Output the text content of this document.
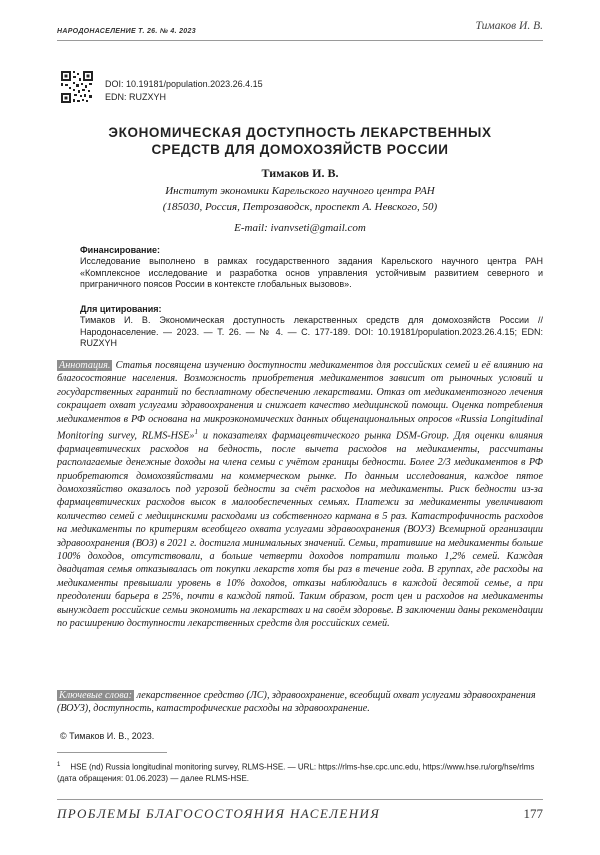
НАРОДОНАСЕЛЕНИЕ Т. 26. № 4. 2023	Тимаков И. В.
DOI: 10.19181/population.2023.26.4.15
EDN: RUZXYH
ЭКОНОМИЧЕСКАЯ ДОСТУПНОСТЬ ЛЕКАРСТВЕННЫХ
СРЕДСТВ ДЛЯ ДОМОХОЗЯЙСТВ РОССИИ
Тимаков И. В.
Институт экономики Карельского научного центра РАН
(185030, Россия, Петрозаводск, проспект А. Невского, 50)
E-mail: ivanvseti@gmail.com
Финансирование:
Исследование выполнено в рамках государственного задания Карельского научного центра РАН «Комплексное исследование и разработка основ управления устойчивым развитием северного и приграничного поясов России в контексте глобальных вызовов».
Для цитирования:
Тимаков И. В. Экономическая доступность лекарственных средств для домохозяйств России // Народонаселение. — 2023. — Т. 26. — № 4. — С. 177-189. DOI: 10.19181/population.2023.26.4.15; EDN: RUZXYH
Аннотация. Статья посвящена изучению доступности медикаментов для российских семей и её влиянию на благосостояние населения. Возможность приобретения медикаментов зависит от рыночных условий и государственных гарантий по бесплатному обеспечению лекарствами. Отказ от медикаментозного лечения сокращает охват услугами здравоохранения и снижает качество медицинской помощи. Оценка потребления медикаментов в РФ основана на микроэкономических данных общенациональных опросов «Russia Longitudinal Monitoring survey, RLMS-HSE»1 и показателях фармацевтического рынка DSM-Group. Для оценки влияния фармацевтических расходов на бедность, после вычета расходов на медикаменты, рассчитаны располагаемые денежные доходы на члена семьи с учётом границы бедности. Более 2/3 медикаментов в РФ приобретаются домохозяйствами на коммерческом рынке. По данным исследования, каждое пятое домохозяйство оказалось под угрозой бедности за счёт расходов на медикаменты. Риск бедности из-за фармацевтических расходов высок в малообеспеченных семьях. Платежи за медикаменты увеличивают количество семей с медицинскими расходами из собственного кармана в 5 раз. Катастрофичность расходов на медикаменты по критериям всеобщего охвата услугами здравоохранения (ВОУЗ) Всемирной организации здравоохранения (ВОЗ) в 2021 г. достигла минимальных значений. Семьи, тратившие на медикаменты больше 100% доходов, отсутствовали, а больше четверти доходов потратили только 1,2% семей. Каждая двадцатая семья отказывалась от покупки лекарств хотя бы раз в течение года. В группах, где расходы на медикаменты превышали уровень в 10% доходов, отказы наблюдались в каждой десятой семье, а при преодолении барьера в 25%, почти в каждой пятой. Таким образом, рост цен и расходов на медикаменты вынуждает российские семьи экономить на лекарствах и на своём здоровье. В заключении даны рекомендации по расширению доступности лекарственных средств для российских семей.
Ключевые слова: лекарственное средство (ЛС), здравоохранение, всеобщий охват услугами здравоохранения (ВОУЗ), доступность, катастрофические расходы на здравоохранение.
© Тимаков И. В., 2023.
1 HSE (nd) Russia longitudinal monitoring survey, RLMS-HSE. — URL: https://rlms-hse.cpc.unc.edu, https://www.hse.ru/org/hse/rlms (дата обращения: 01.06.2023) — далее RLMS-HSE.
ПРОБЛЕМЫ БЛАГОСОСТОЯНИЯ НАСЕЛЕНИЯ	177
